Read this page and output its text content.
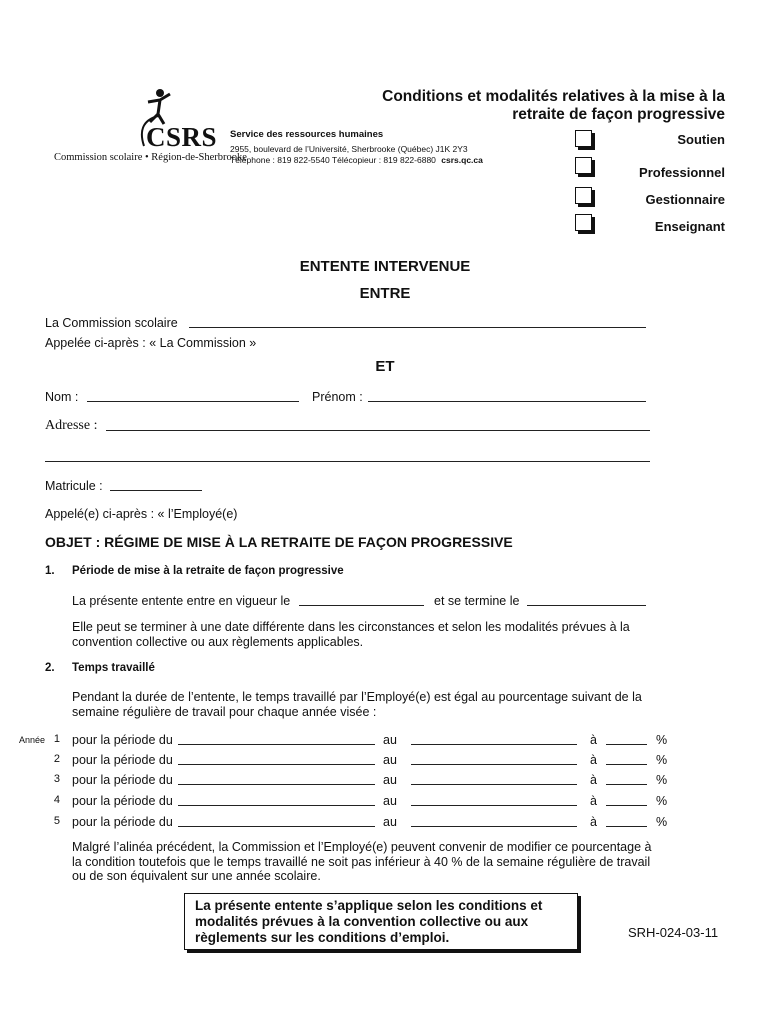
CSRS
Commission scolaire • Région-de-Sherbrooke
Service des ressources humaines
2955, boulevard de l’Université, Sherbrooke (Québec) J1K 2Y3
Téléphone : 819 822-5540 Télécopieur : 819 822-6880 csrs.qc.ca
Conditions et modalités relatives à la mise à la
retraite de façon progressive
Soutien
Professionnel
Gestionnaire
Enseignant
ENTENTE INTERVENUE
ENTRE
La Commission scolaire
Appelée ci-après : « La Commission »
ET
Nom :	Prénom :
Adresse :
Matricule :
Appelé(e) ci-après : « l’Employé(e)
OBJET : RÉGIME DE MISE À LA RETRAITE DE FAÇON PROGRESSIVE
1. Période de mise à la retraite de façon progressive
La présente entente entre en vigueur le	et se termine le
Elle peut se terminer à une date différente dans les circonstances et selon les modalités prévues à la convention collective ou aux règlements applicables.
2. Temps travaillé
Pendant la durée de l’entente, le temps travaillé par l’Employé(e) est égal au pourcentage suivant de la semaine régulière de travail pour chaque année visée :
Année 1 pour la période du	au	à	%
2 pour la période du	au	à	%
3 pour la période du	au	à	%
4 pour la période du	au	à	%
5 pour la période du	au	à	%
Malgré l’alinéa précédent, la Commission et l’Employé(e) peuvent convenir de modifier ce pourcentage à la condition toutefois que le temps travaillé ne soit pas inférieur à 40 % de la semaine régulière de travail ou de son équivalent sur une année scolaire.
La présente entente s’applique selon les conditions et modalités prévues à la convention collective ou aux règlements sur les conditions d’emploi.	SRH-024-03-11
